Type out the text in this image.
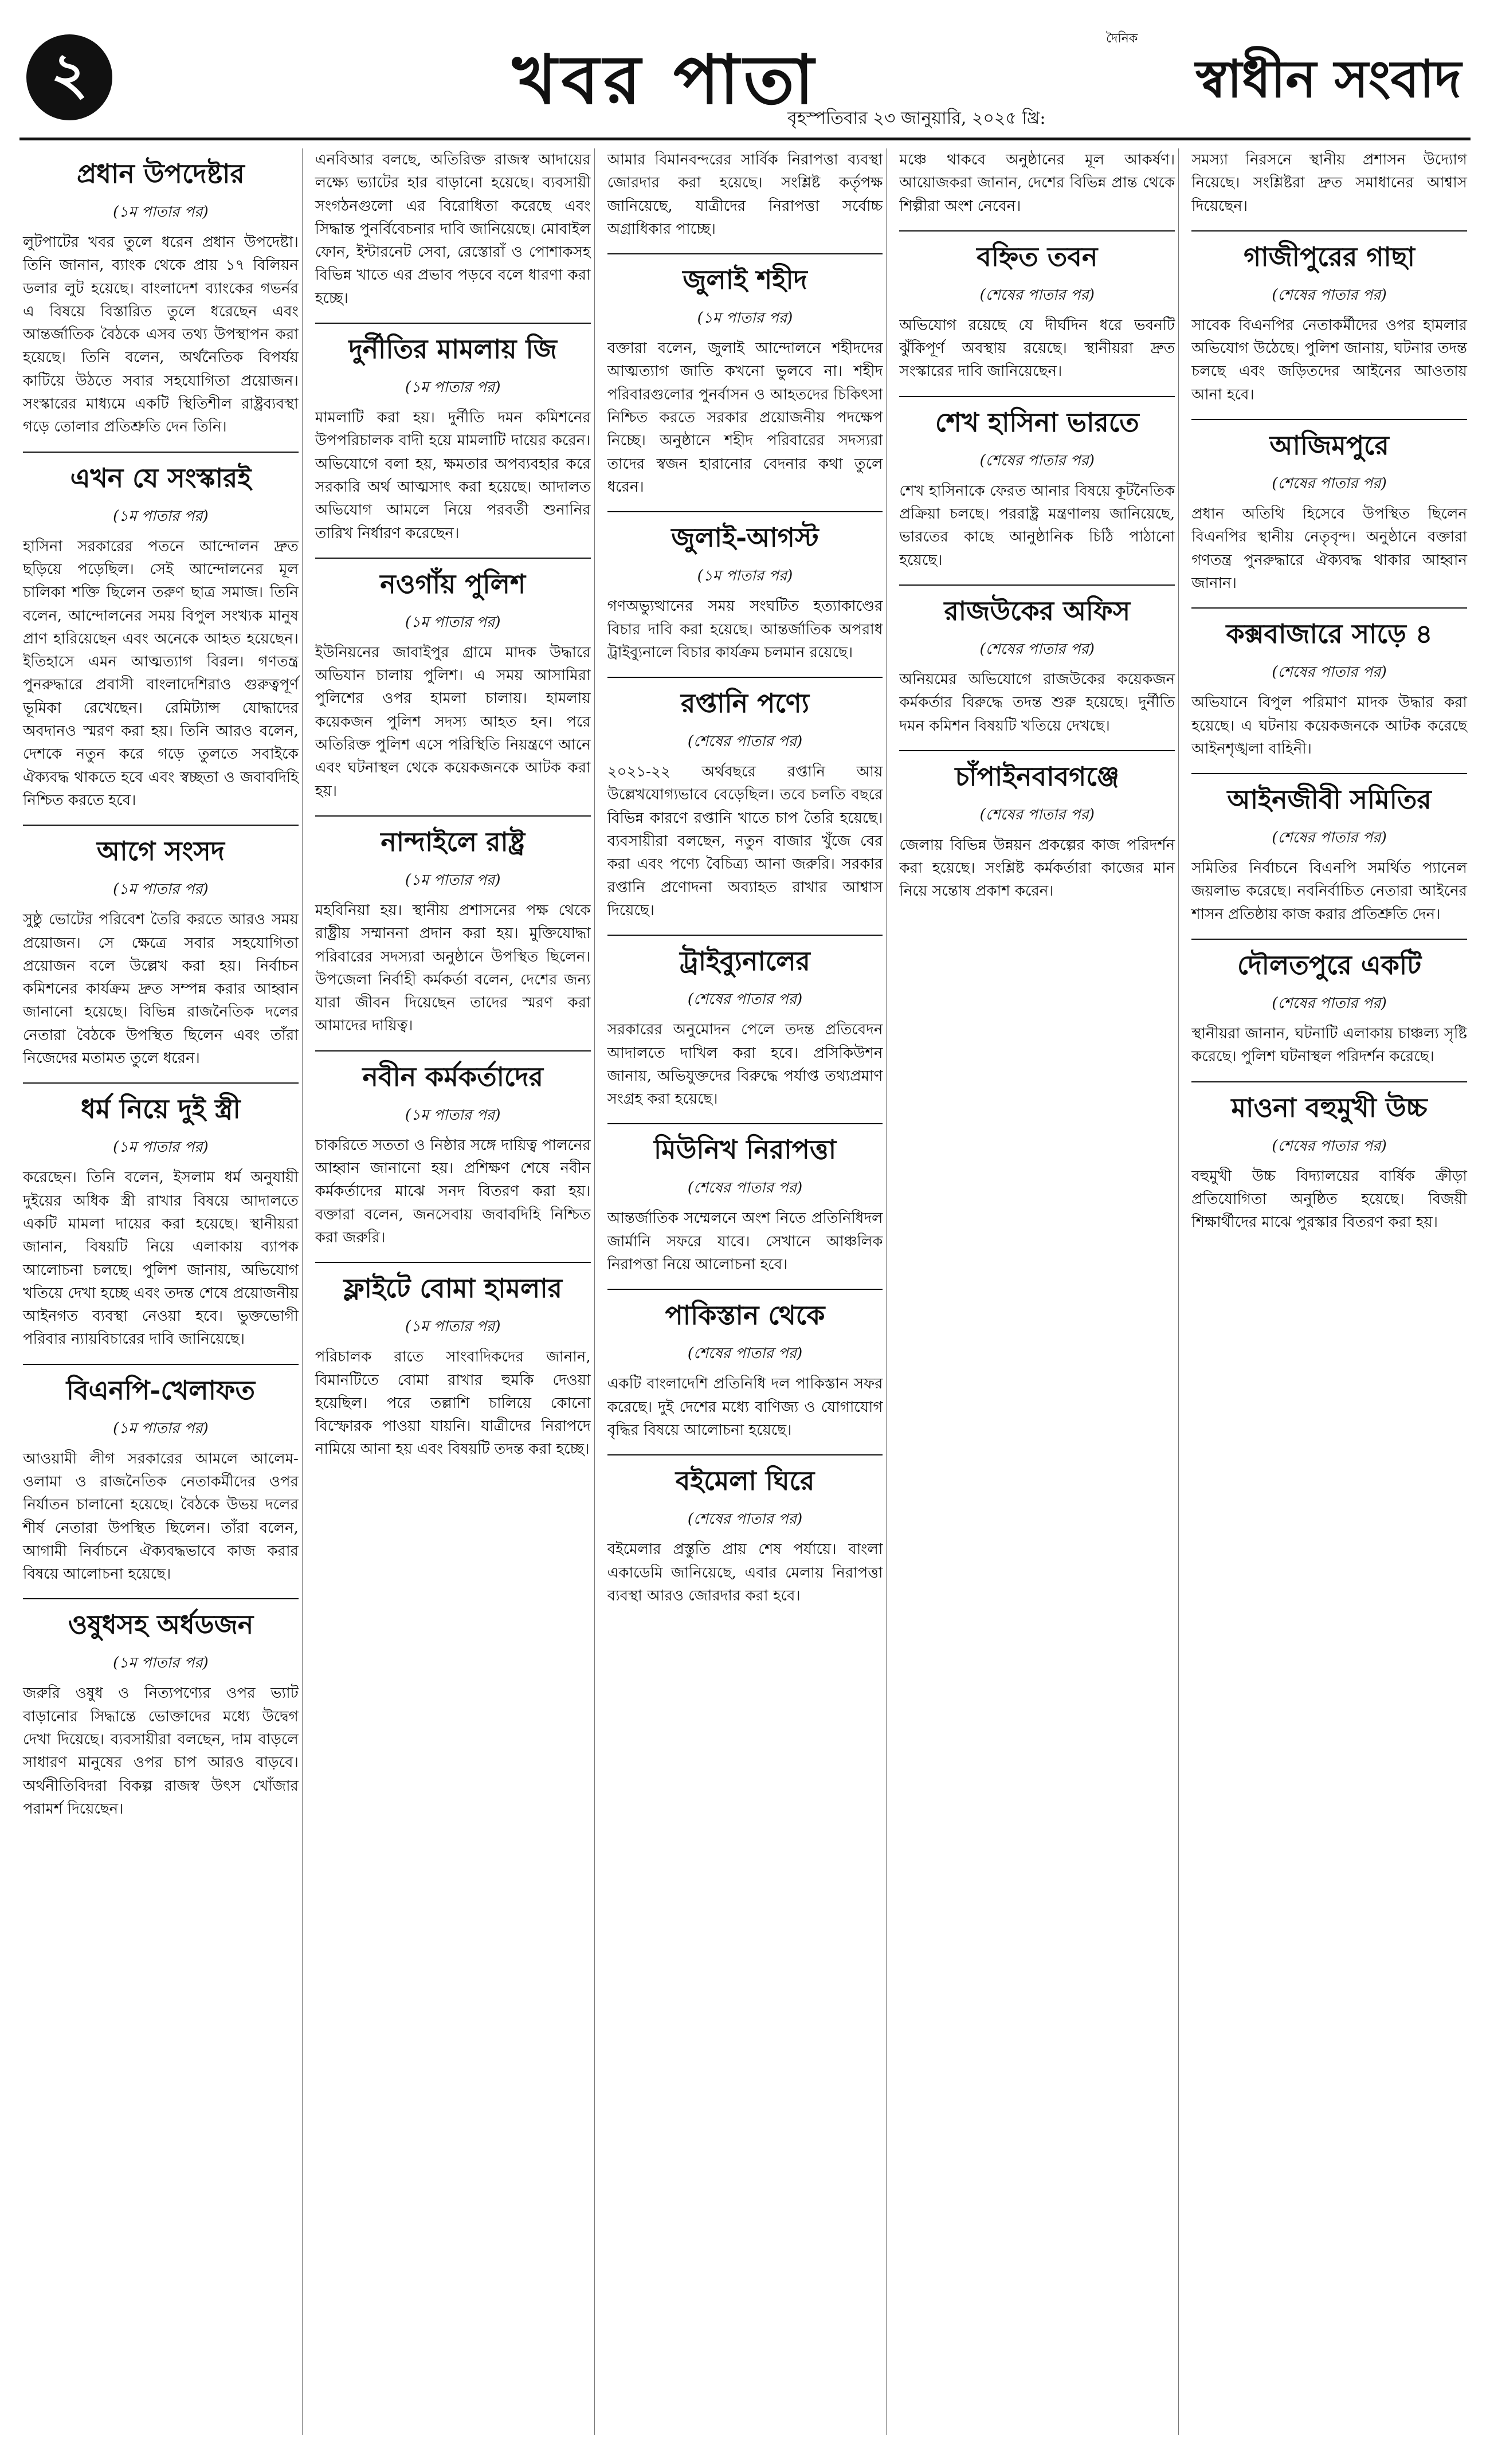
২	খবর পাতা
বৃহস্পতিবার ২৩ জানুয়ারি, ২০২৫ খ্রি:
দৈনিক
স্বাধীন সংবাদ
প্রধান উপদেষ্টার
(১ম পাতার পর)

লুটপাটের খবর তুলে ধরেন প্রধান উপদেষ্টা। তিনি জানান, ব্যাংক থেকে প্রায় ১৭ বিলিয়ন ডলার লুট হয়েছে। বাংলাদেশ ব্যাংকের গভর্নর এ বিষয়ে বিস্তারিত তুলে ধরেছেন এবং আন্তর্জাতিক বৈঠকে এসব তথ্য উপস্থাপন করা হয়েছে। তিনি বলেন, অর্থনৈতিক বিপর্যয় কাটিয়ে উঠতে সবার সহযোগিতা প্রয়োজন। সংস্কারের মাধ্যমে একটি স্থিতিশীল রাষ্ট্রব্যবস্থা গড়ে তোলার প্রতিশ্রুতি দেন তিনি।

এখন যে সংস্কারই
(১ম পাতার পর)

হাসিনা সরকারের পতনে আন্দোলন দ্রুত ছড়িয়ে পড়েছিল। সেই আন্দোলনের মূল চালিকা শক্তি ছিলেন তরুণ ছাত্র সমাজ। তিনি বলেন, আন্দোলনের সময় বিপুল সংখ্যক মানুষ প্রাণ হারিয়েছেন এবং অনেকে আহত হয়েছেন। ইতিহাসে এমন আত্মত্যাগ বিরল। গণতন্ত্র পুনরুদ্ধারে প্রবাসী বাংলাদেশিরাও গুরুত্বপূর্ণ ভূমিকা রেখেছেন। রেমিট্যান্স যোদ্ধাদের অবদানও স্মরণ করা হয়। তিনি আরও বলেন, দেশকে নতুন করে গড়ে তুলতে সবাইকে ঐক্যবদ্ধ থাকতে হবে এবং স্বচ্ছতা ও জবাবদিহি নিশ্চিত করতে হবে।

আগে সংসদ
(১ম পাতার পর)

সুষ্ঠু ভোটের পরিবেশ তৈরি করতে আরও সময় প্রয়োজন। সে ক্ষেত্রে সবার সহযোগিতা প্রয়োজন বলে উল্লেখ করা হয়। নির্বাচন কমিশনের কার্যক্রম দ্রুত সম্পন্ন করার আহ্বান জানানো হয়েছে। বিভিন্ন রাজনৈতিক দলের নেতারা বৈঠকে উপস্থিত ছিলেন এবং তাঁরা নিজেদের মতামত তুলে ধরেন।

ধর্ম নিয়ে দুই স্ত্রী
(১ম পাতার পর)

করেছেন। তিনি বলেন, ইসলাম ধর্ম অনুযায়ী দুইয়ের অধিক স্ত্রী রাখার বিষয়ে আদালতে একটি মামলা দায়ের করা হয়েছে। স্থানীয়রা জানান, বিষয়টি নিয়ে এলাকায় ব্যাপক আলোচনা চলছে। পুলিশ জানায়, অভিযোগ খতিয়ে দেখা হচ্ছে এবং তদন্ত শেষে প্রয়োজনীয় আইনগত ব্যবস্থা নেওয়া হবে। ভুক্তভোগী পরিবার ন্যায়বিচারের দাবি জানিয়েছে।

বিএনপি-খেলাফত
(১ম পাতার পর)

আওয়ামী লীগ সরকারের আমলে আলেম-ওলামা ও রাজনৈতিক নেতাকর্মীদের ওপর নির্যাতন চালানো হয়েছে। বৈঠকে উভয় দলের শীর্ষ নেতারা উপস্থিত ছিলেন। তাঁরা বলেন, আগামী নির্বাচনে ঐক্যবদ্ধভাবে কাজ করার বিষয়ে আলোচনা হয়েছে।

ওষুধসহ অর্ধডজন
(১ম পাতার পর)

জরুরি ওষুধ ও নিত্যপণ্যের ওপর ভ্যাট বাড়ানোর সিদ্ধান্তে ভোক্তাদের মধ্যে উদ্বেগ দেখা দিয়েছে। ব্যবসায়ীরা বলছেন, দাম বাড়লে সাধারণ মানুষের ওপর চাপ আরও বাড়বে। অর্থনীতিবিদরা বিকল্প রাজস্ব উৎস খোঁজার পরামর্শ দিয়েছেন।

এনবিআর বলছে, অতিরিক্ত রাজস্ব আদায়ের লক্ষ্যে ভ্যাটের হার বাড়ানো হয়েছে। ব্যবসায়ী সংগঠনগুলো এর বিরোধিতা করেছে এবং সিদ্ধান্ত পুনর্বিবেচনার দাবি জানিয়েছে। মোবাইল ফোন, ইন্টারনেট সেবা, রেস্তোরাঁ ও পোশাকসহ বিভিন্ন খাতে এর প্রভাব পড়বে বলে ধারণা করা হচ্ছে।

দুর্নীতির মামলায় জি
(১ম পাতার পর)

মামলাটি করা হয়। দুর্নীতি দমন কমিশনের উপপরিচালক বাদী হয়ে মামলাটি দায়ের করেন। অভিযোগে বলা হয়, ক্ষমতার অপব্যবহার করে সরকারি অর্থ আত্মসাৎ করা হয়েছে। আদালত অভিযোগ আমলে নিয়ে পরবর্তী শুনানির তারিখ নির্ধারণ করেছেন।

নওগাঁয় পুলিশ
(১ম পাতার পর)

ইউনিয়নের জাবাইপুর গ্রামে মাদক উদ্ধারে অভিযান চালায় পুলিশ। এ সময় আসামিরা পুলিশের ওপর হামলা চালায়। হামলায় কয়েকজন পুলিশ সদস্য আহত হন। পরে অতিরিক্ত পুলিশ এসে পরিস্থিতি নিয়ন্ত্রণে আনে এবং ঘটনাস্থল থেকে কয়েকজনকে আটক করা হয়।

নান্দাইলে রাষ্ট্র
(১ম পাতার পর)

মহবিনিয়া হয়। স্থানীয় প্রশাসনের পক্ষ থেকে রাষ্ট্রীয় সম্মাননা প্রদান করা হয়। মুক্তিযোদ্ধা পরিবারের সদস্যরা অনুষ্ঠানে উপস্থিত ছিলেন। উপজেলা নির্বাহী কর্মকর্তা বলেন, দেশের জন্য যারা জীবন দিয়েছেন তাদের স্মরণ করা আমাদের দায়িত্ব।

নবীন কর্মকর্তাদের
(১ম পাতার পর)

চাকরিতে সততা ও নিষ্ঠার সঙ্গে দায়িত্ব পালনের আহ্বান জানানো হয়। প্রশিক্ষণ শেষে নবীন কর্মকর্তাদের মাঝে সনদ বিতরণ করা হয়। বক্তারা বলেন, জনসেবায় জবাবদিহি নিশ্চিত করা জরুরি।

ফ্লাইটে বোমা হামলার
(১ম পাতার পর)

পরিচালক রাতে সাংবাদিকদের জানান, বিমানটিতে বোমা রাখার হুমকি দেওয়া হয়েছিল। পরে তল্লাশি চালিয়ে কোনো বিস্ফোরক পাওয়া যায়নি। যাত্রীদের নিরাপদে নামিয়ে আনা হয় এবং বিষয়টি তদন্ত করা হচ্ছে।

আমার বিমানবন্দরের সার্বিক নিরাপত্তা ব্যবস্থা জোরদার করা হয়েছে। সংশ্লিষ্ট কর্তৃপক্ষ জানিয়েছে, যাত্রীদের নিরাপত্তা সর্বোচ্চ অগ্রাধিকার পাচ্ছে।

জুলাই শহীদ
(১ম পাতার পর)

বক্তারা বলেন, জুলাই আন্দোলনে শহীদদের আত্মত্যাগ জাতি কখনো ভুলবে না। শহীদ পরিবারগুলোর পুনর্বাসন ও আহতদের চিকিৎসা নিশ্চিত করতে সরকার প্রয়োজনীয় পদক্ষেপ নিচ্ছে। অনুষ্ঠানে শহীদ পরিবারের সদস্যরা তাদের স্বজন হারানোর বেদনার কথা তুলে ধরেন।

জুলাই-আগস্ট
(১ম পাতার পর)

গণঅভ্যুত্থানের সময় সংঘটিত হত্যাকাণ্ডের বিচার দাবি করা হয়েছে। আন্তর্জাতিক অপরাধ ট্রাইব্যুনালে বিচার কার্যক্রম চলমান রয়েছে।

রপ্তানি পণ্যে
(শেষের পাতার পর)

২০২১-২২ অর্থবছরে রপ্তানি আয় উল্লেখযোগ্যভাবে বেড়েছিল। তবে চলতি বছরে বিভিন্ন কারণে রপ্তানি খাতে চাপ তৈরি হয়েছে। ব্যবসায়ীরা বলছেন, নতুন বাজার খুঁজে বের করা এবং পণ্যে বৈচিত্র্য আনা জরুরি। সরকার রপ্তানি প্রণোদনা অব্যাহত রাখার আশ্বাস দিয়েছে।

ট্রাইব্যুনালের
(শেষের পাতার পর)

সরকারের অনুমোদন পেলে তদন্ত প্রতিবেদন আদালতে দাখিল করা হবে। প্রসিকিউশন জানায়, অভিযুক্তদের বিরুদ্ধে পর্যাপ্ত তথ্যপ্রমাণ সংগ্রহ করা হয়েছে।

মিউনিখ নিরাপত্তা
(শেষের পাতার পর)

আন্তর্জাতিক সম্মেলনে অংশ নিতে প্রতিনিধিদল জার্মানি সফরে যাবে। সেখানে আঞ্চলিক নিরাপত্তা নিয়ে আলোচনা হবে।

পাকিস্তান থেকে
(শেষের পাতার পর)

একটি বাংলাদেশি প্রতিনিধি দল পাকিস্তান সফর করেছে। দুই দেশের মধ্যে বাণিজ্য ও যোগাযোগ বৃদ্ধির বিষয়ে আলোচনা হয়েছে।

বইমেলা ঘিরে
(শেষের পাতার পর)

বইমেলার প্রস্তুতি প্রায় শেষ পর্যায়ে। বাংলা একাডেমি জানিয়েছে, এবার মেলায় নিরাপত্তা ব্যবস্থা আরও জোরদার করা হবে।

মঞ্চে থাকবে অনুষ্ঠানের মূল আকর্ষণ। আয়োজকরা জানান, দেশের বিভিন্ন প্রান্ত থেকে শিল্পীরা অংশ নেবেন।

বহ্নিত তবন
(শেষের পাতার পর)

অভিযোগ রয়েছে যে দীর্ঘদিন ধরে ভবনটি ঝুঁকিপূর্ণ অবস্থায় রয়েছে। স্থানীয়রা দ্রুত সংস্কারের দাবি জানিয়েছেন।

শেখ হাসিনা ভারতে
(শেষের পাতার পর)

শেখ হাসিনাকে ফেরত আনার বিষয়ে কূটনৈতিক প্রক্রিয়া চলছে। পররাষ্ট্র মন্ত্রণালয় জানিয়েছে, ভারতের কাছে আনুষ্ঠানিক চিঠি পাঠানো হয়েছে।

রাজউকের অফিস
(শেষের পাতার পর)

অনিয়মের অভিযোগে রাজউকের কয়েকজন কর্মকর্তার বিরুদ্ধে তদন্ত শুরু হয়েছে। দুর্নীতি দমন কমিশন বিষয়টি খতিয়ে দেখছে।

চাঁপাইনবাবগঞ্জে
(শেষের পাতার পর)

জেলায় বিভিন্ন উন্নয়ন প্রকল্পের কাজ পরিদর্শন করা হয়েছে। সংশ্লিষ্ট কর্মকর্তারা কাজের মান নিয়ে সন্তোষ প্রকাশ করেন।

সমস্যা নিরসনে স্থানীয় প্রশাসন উদ্যোগ নিয়েছে। সংশ্লিষ্টরা দ্রুত সমাধানের আশ্বাস দিয়েছেন।

গাজীপুরের গাছা
(শেষের পাতার পর)

সাবেক বিএনপির নেতাকর্মীদের ওপর হামলার অভিযোগ উঠেছে। পুলিশ জানায়, ঘটনার তদন্ত চলছে এবং জড়িতদের আইনের আওতায় আনা হবে।

আজিমপুরে
(শেষের পাতার পর)

প্রধান অতিথি হিসেবে উপস্থিত ছিলেন বিএনপির স্থানীয় নেতৃবৃন্দ। অনুষ্ঠানে বক্তারা গণতন্ত্র পুনরুদ্ধারে ঐক্যবদ্ধ থাকার আহ্বান জানান।

কক্সবাজারে সাড়ে ৪
(শেষের পাতার পর)

অভিযানে বিপুল পরিমাণ মাদক উদ্ধার করা হয়েছে। এ ঘটনায় কয়েকজনকে আটক করেছে আইনশৃঙ্খলা বাহিনী।

আইনজীবী সমিতির
(শেষের পাতার পর)

সমিতির নির্বাচনে বিএনপি সমর্থিত প্যানেল জয়লাভ করেছে। নবনির্বাচিত নেতারা আইনের শাসন প্রতিষ্ঠায় কাজ করার প্রতিশ্রুতি দেন।

দৌলতপুরে একটি
(শেষের পাতার পর)

স্থানীয়রা জানান, ঘটনাটি এলাকায় চাঞ্চল্য সৃষ্টি করেছে। পুলিশ ঘটনাস্থল পরিদর্শন করেছে।

মাওনা বহুমুখী উচ্চ
(শেষের পাতার পর)

বহুমুখী উচ্চ বিদ্যালয়ের বার্ষিক ক্রীড়া প্রতিযোগিতা অনুষ্ঠিত হয়েছে। বিজয়ী শিক্ষার্থীদের মাঝে পুরস্কার বিতরণ করা হয়।
